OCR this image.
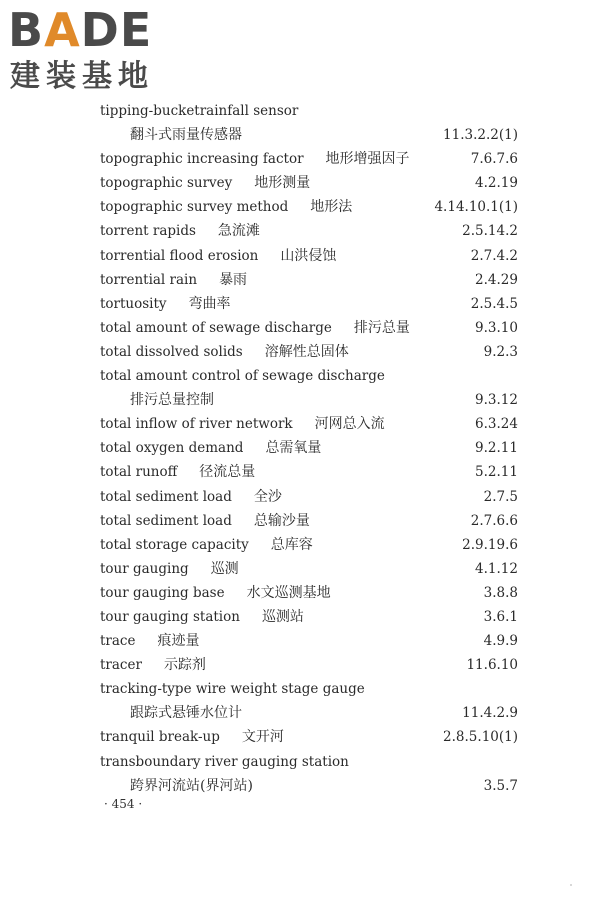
BADE
建装基地
tipping-bucketrainfall sensor
翻斗式雨量传感器	11.3.2.2(1)
topographic increasing factor 地形增强因子	7.6.7.6
topographic survey 地形测量	4.2.19
topographic survey method 地形法	4.14.10.1(1)
torrent rapids 急流滩	2.5.14.2
torrential flood erosion 山洪侵蚀	2.7.4.2
torrential rain 暴雨	2.4.29
tortuosity 弯曲率	2.5.4.5
total amount of sewage discharge 排污总量	9.3.10
total dissolved solids 溶解性总固体	9.2.3
total amount control of sewage discharge
排污总量控制	9.3.12
total inflow of river network 河网总入流	6.3.24
total oxygen demand 总需氧量	9.2.11
total runoff 径流总量	5.2.11
total sediment load 全沙	2.7.5
total sediment load 总输沙量	2.7.6.6
total storage capacity 总库容	2.9.19.6
tour gauging 巡测	4.1.12
tour gauging base 水文巡测基地	3.8.8
tour gauging station 巡测站	3.6.1
trace 痕迹量	4.9.9
tracer 示踪剂	11.6.10
tracking-type wire weight stage gauge
跟踪式悬锤水位计	11.4.2.9
tranquil break-up 文开河	2.8.5.10(1)
transboundary river gauging station
跨界河流站(界河站)	3.5.7
· 454 ·
